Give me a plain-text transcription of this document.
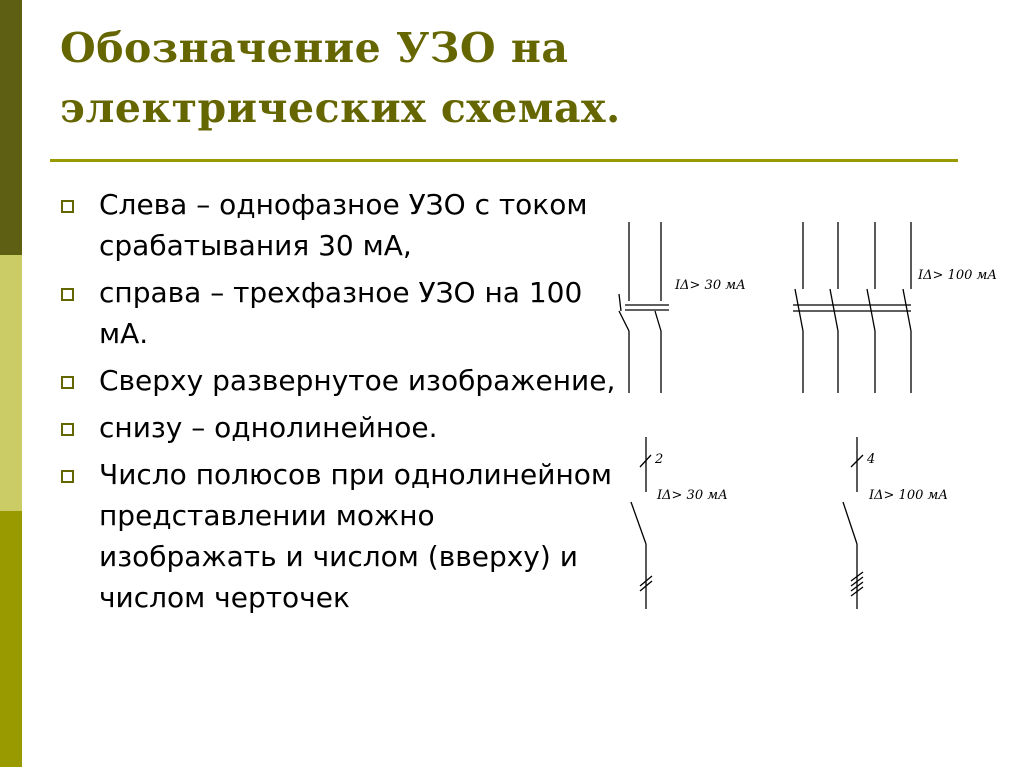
Обозначение УЗО на
электрических схемах.
Слева – однофазное УЗО с током срабатывания 30 мА,
справа – трехфазное УЗО на 100 мА.
Сверху развернутое изображение,
снизу – однолинейное.
Число полюсов при однолинейном представлении можно изображать и числом (вверху) и числом черточек
IΔ> 30 мА
IΔ> 100 мА
2
IΔ> 30 мА
4
IΔ> 100 мА
